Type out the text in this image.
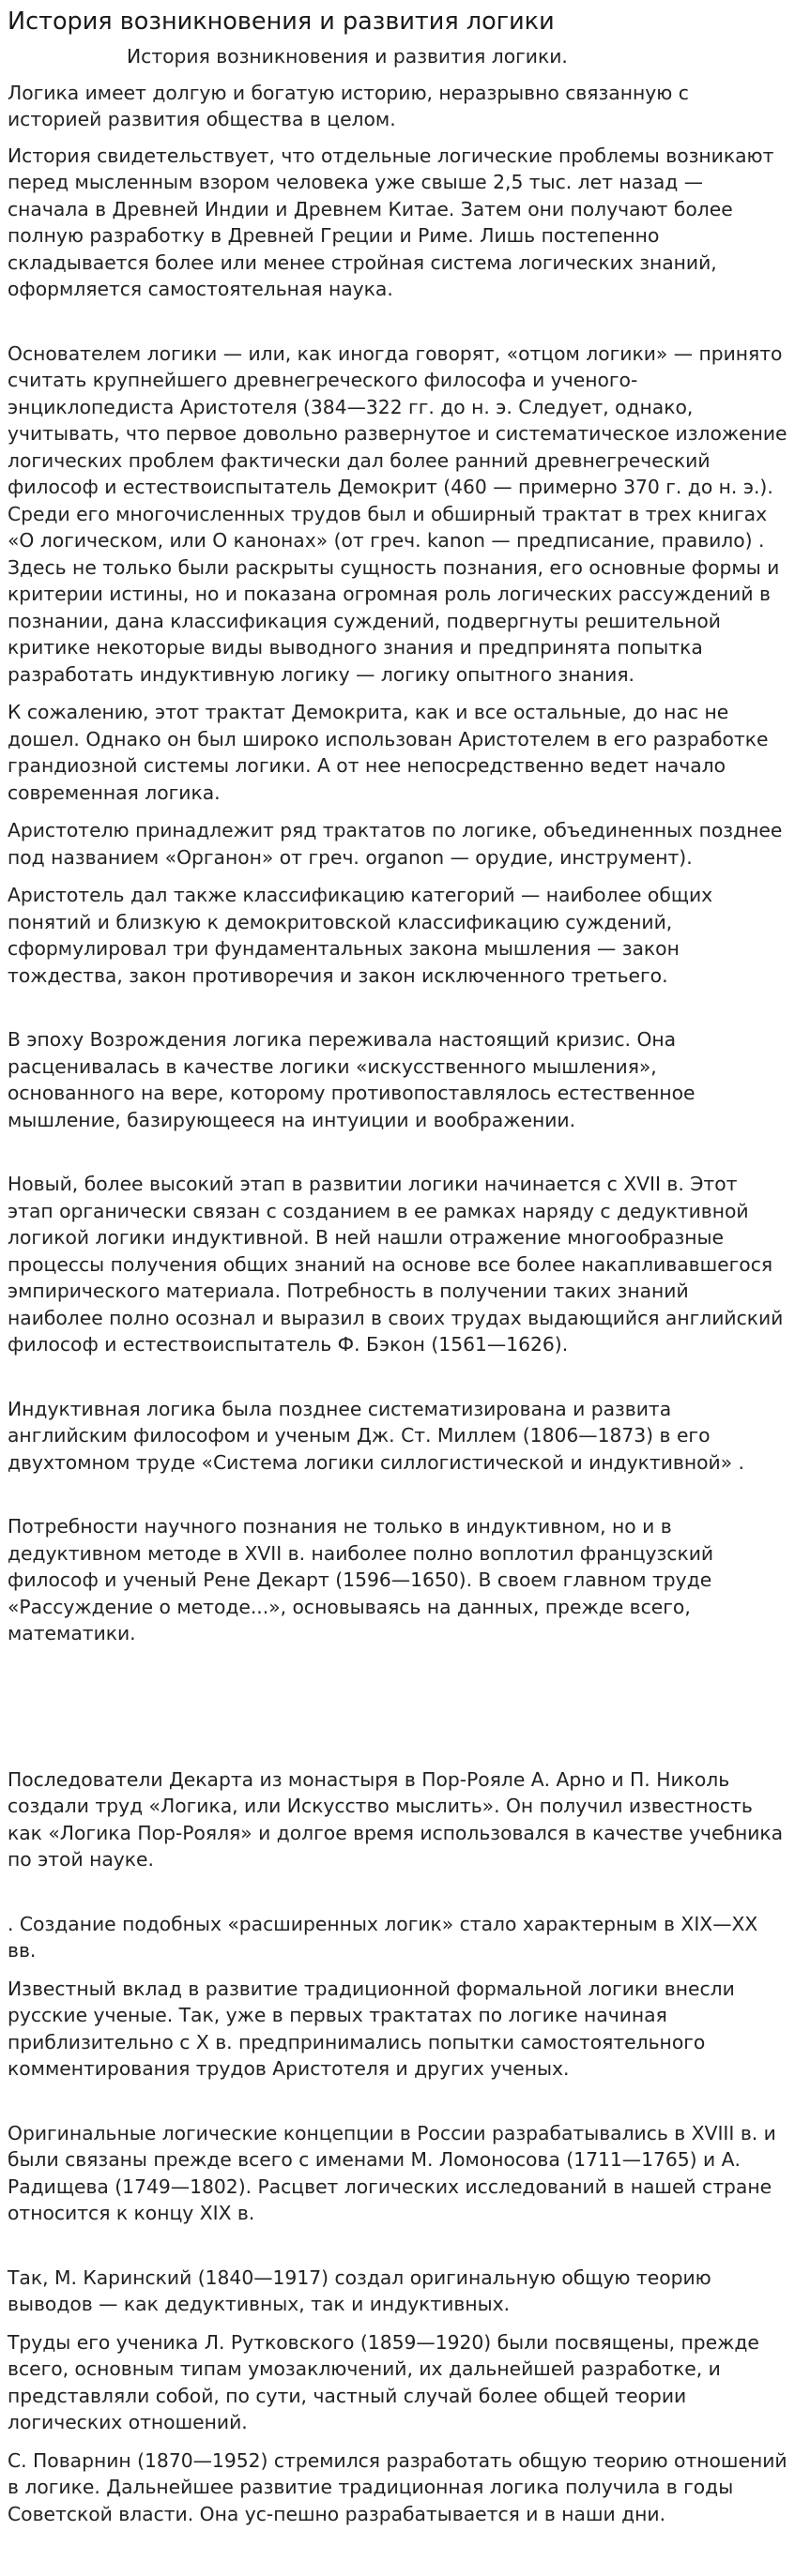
История возникновения и развития логики

История возникновения и развития логики.

Логика имеет долгую и богатую историю, неразрывно связанную с историей развития общества в целом.

История свидетельствует, что отдельные логические проблемы возникают перед мысленным взором человека уже свыше 2,5 тыс. лет назад — сначала в Древней Индии и Древнем Китае. Затем они получают более полную разработку в Древней Греции и Риме. Лишь постепенно складывается более или менее стройная система логических знаний, оформляется самостоятельная наука.

Основателем логики — или, как иногда говорят, «отцом логики» — принято считать крупнейшего древнегреческого философа и ученого-энциклопедиста Аристотеля (384—322 гг. до н. э. Следует, однако, учитывать, что первое довольно развернутое и систематическое изложение логических проблем фактически дал более ранний древнегреческий философ и естествоиспытатель Демокрит (460 — примерно 370 г. до н. э.). Среди его многочисленных трудов был и обширный трактат в трех книгах «О логическом, или О канонах» (от греч. kanon — предписание, правило) . Здесь не только были раскрыты сущность познания, его основные формы и критерии истины, но и показана огромная роль логических рассуждений в познании, дана классификация суждений, подвергнуты решительной критике некоторые виды выводного знания и предпринята попытка разработать индуктивную логику — логику опытного знания.

К сожалению, этот трактат Демокрита, как и все остальные, до нас не дошел. Однако он был широко использован Аристотелем в его разработке грандиозной системы логики. А от нее непосредственно ведет начало современная логика.

Аристотелю принадлежит ряд трактатов по логике, объединенных позднее под названием «Органон» от греч. organon — орудие, инструмент).

Аристотель дал также классификацию категорий — наиболее общих понятий и близкую к демокритовской классификацию суждений, сформулировал три фундаментальных закона мышления — закон тождества, закон противоречия и закон исключенного третьего.

В эпоху Возрождения логика переживала настоящий кризис. Она расценивалась в качестве логики «искусственного мышления», основанного на вере, которому противопоставлялось естественное мышление, базирующееся на интуиции и воображении.

Новый, более высокий этап в развитии логики начинается с XVII в. Этот этап органически связан с созданием в ее рамках наряду с дедуктивной логикой логики индуктивной. В ней нашли отражение многообразные процессы получения общих знаний на основе все более накапливавшегося эмпирического материала. Потребность в получении таких знаний наиболее полно осознал и выразил в своих трудах выдающийся английский философ и естествоиспытатель Ф. Бэкон (1561—1626).

Индуктивная логика была позднее систематизирована и развита английским философом и ученым Дж. Ст. Миллем (1806—1873) в его двухтомном труде «Система логики силлогистической и индуктивной» .

Потребности научного познания не только в индуктивном, но и в дедуктивном методе в XVII в. наиболее полно воплотил французский философ и ученый Рене Декарт (1596—1650). В своем главном труде «Рассуждение о методе...», основываясь на данных, прежде всего, математики.

Последователи Декарта из монастыря в Пор-Рояле А. Арно и П. Николь создали труд «Логика, или Искусство мыслить». Он получил известность как «Логика Пор-Рояля» и долгое время использовался в качестве учебника по этой науке.

. Создание подобных «расширенных логик» стало характерным в XIX—XX вв.

Известный вклад в развитие традиционной формальной логики внесли русские ученые. Так, уже в первых трактатах по логике начиная приблизительно с X в. предпринимались попытки самостоятельного комментирования трудов Аристотеля и других ученых.

Оригинальные логические концепции в России разрабатывались в XVIII в. и были связаны прежде всего с именами М. Ломоносова (1711—1765) и А. Радищева (1749—1802). Расцвет логических исследований в нашей стране относится к концу XIX в.

Так, М. Каринский (1840—1917) создал оригинальную общую теорию выводов — как дедуктивных, так и индуктивных.

Труды его ученика Л. Рутковского (1859—1920) были посвящены, прежде всего, основным типам умозаключений, их дальнейшей разработке, и представляли собой, по сути, частный случай более общей теории логических отношений.

С. Поварнин (1870—1952) стремился разработать общую теорию отношений в логике. Дальнейшее развитие традиционная логика получила в годы Советской власти. Она ус-пешно разрабатывается и в наши дни.
